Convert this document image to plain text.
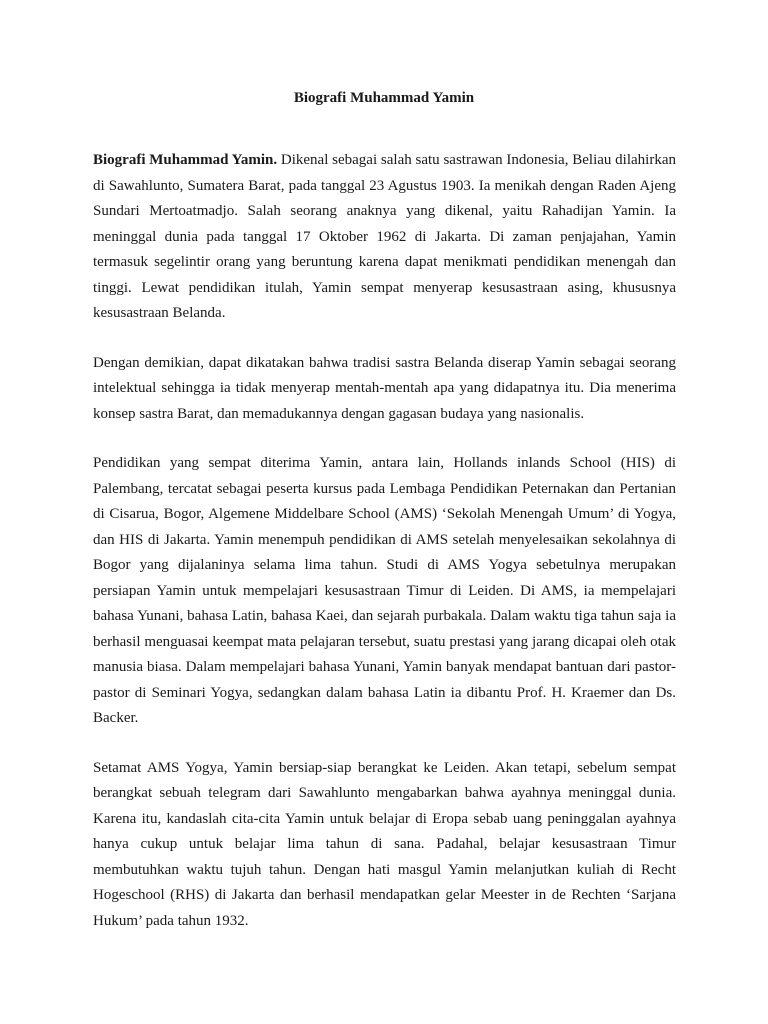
Biografi Muhammad Yamin

Biografi Muhammad Yamin. Dikenal sebagai salah satu sastrawan Indonesia, Beliau dilahirkan di Sawahlunto, Sumatera Barat, pada tanggal 23 Agustus 1903. Ia menikah dengan Raden Ajeng Sundari Mertoatmadjo. Salah seorang anaknya yang dikenal, yaitu Rahadijan Yamin. Ia meninggal dunia pada tanggal 17 Oktober 1962 di Jakarta. Di zaman penjajahan, Yamin termasuk segelintir orang yang beruntung karena dapat menikmati pendidikan menengah dan tinggi. Lewat pendidikan itulah, Yamin sempat menyerap kesusastraan asing, khususnya kesusastraan Belanda.

Dengan demikian, dapat dikatakan bahwa tradisi sastra Belanda diserap Yamin sebagai seorang intelektual sehingga ia tidak menyerap mentah-mentah apa yang didapatnya itu. Dia menerima konsep sastra Barat, dan memadukannya dengan gagasan budaya yang nasionalis.

Pendidikan yang sempat diterima Yamin, antara lain, Hollands inlands School (HIS) di Palembang, tercatat sebagai peserta kursus pada Lembaga Pendidikan Peternakan dan Pertanian di Cisarua, Bogor, Algemene Middelbare School (AMS) ‘Sekolah Menengah Umum’ di Yogya, dan HIS di Jakarta. Yamin menempuh pendidikan di AMS setelah menyelesaikan sekolahnya di Bogor yang dijalaninya selama lima tahun. Studi di AMS Yogya sebetulnya merupakan persiapan Yamin untuk mempelajari kesusastraan Timur di Leiden. Di AMS, ia mempelajari bahasa Yunani, bahasa Latin, bahasa Kaei, dan sejarah purbakala. Dalam waktu tiga tahun saja ia berhasil menguasai keempat mata pelajaran tersebut, suatu prestasi yang jarang dicapai oleh otak manusia biasa. Dalam mempelajari bahasa Yunani, Yamin banyak mendapat bantuan dari pastor-pastor di Seminari Yogya, sedangkan dalam bahasa Latin ia dibantu Prof. H. Kraemer dan Ds. Backer.

Setamat AMS Yogya, Yamin bersiap-siap berangkat ke Leiden. Akan tetapi, sebelum sempat berangkat sebuah telegram dari Sawahlunto mengabarkan bahwa ayahnya meninggal dunia. Karena itu, kandaslah cita-cita Yamin untuk belajar di Eropa sebab uang peninggalan ayahnya hanya cukup untuk belajar lima tahun di sana. Padahal, belajar kesusastraan Timur membutuhkan waktu tujuh tahun. Dengan hati masgul Yamin melanjutkan kuliah di Recht Hogeschool (RHS) di Jakarta dan berhasil mendapatkan gelar Meester in de Rechten ‘Sarjana Hukum’ pada tahun 1932.
